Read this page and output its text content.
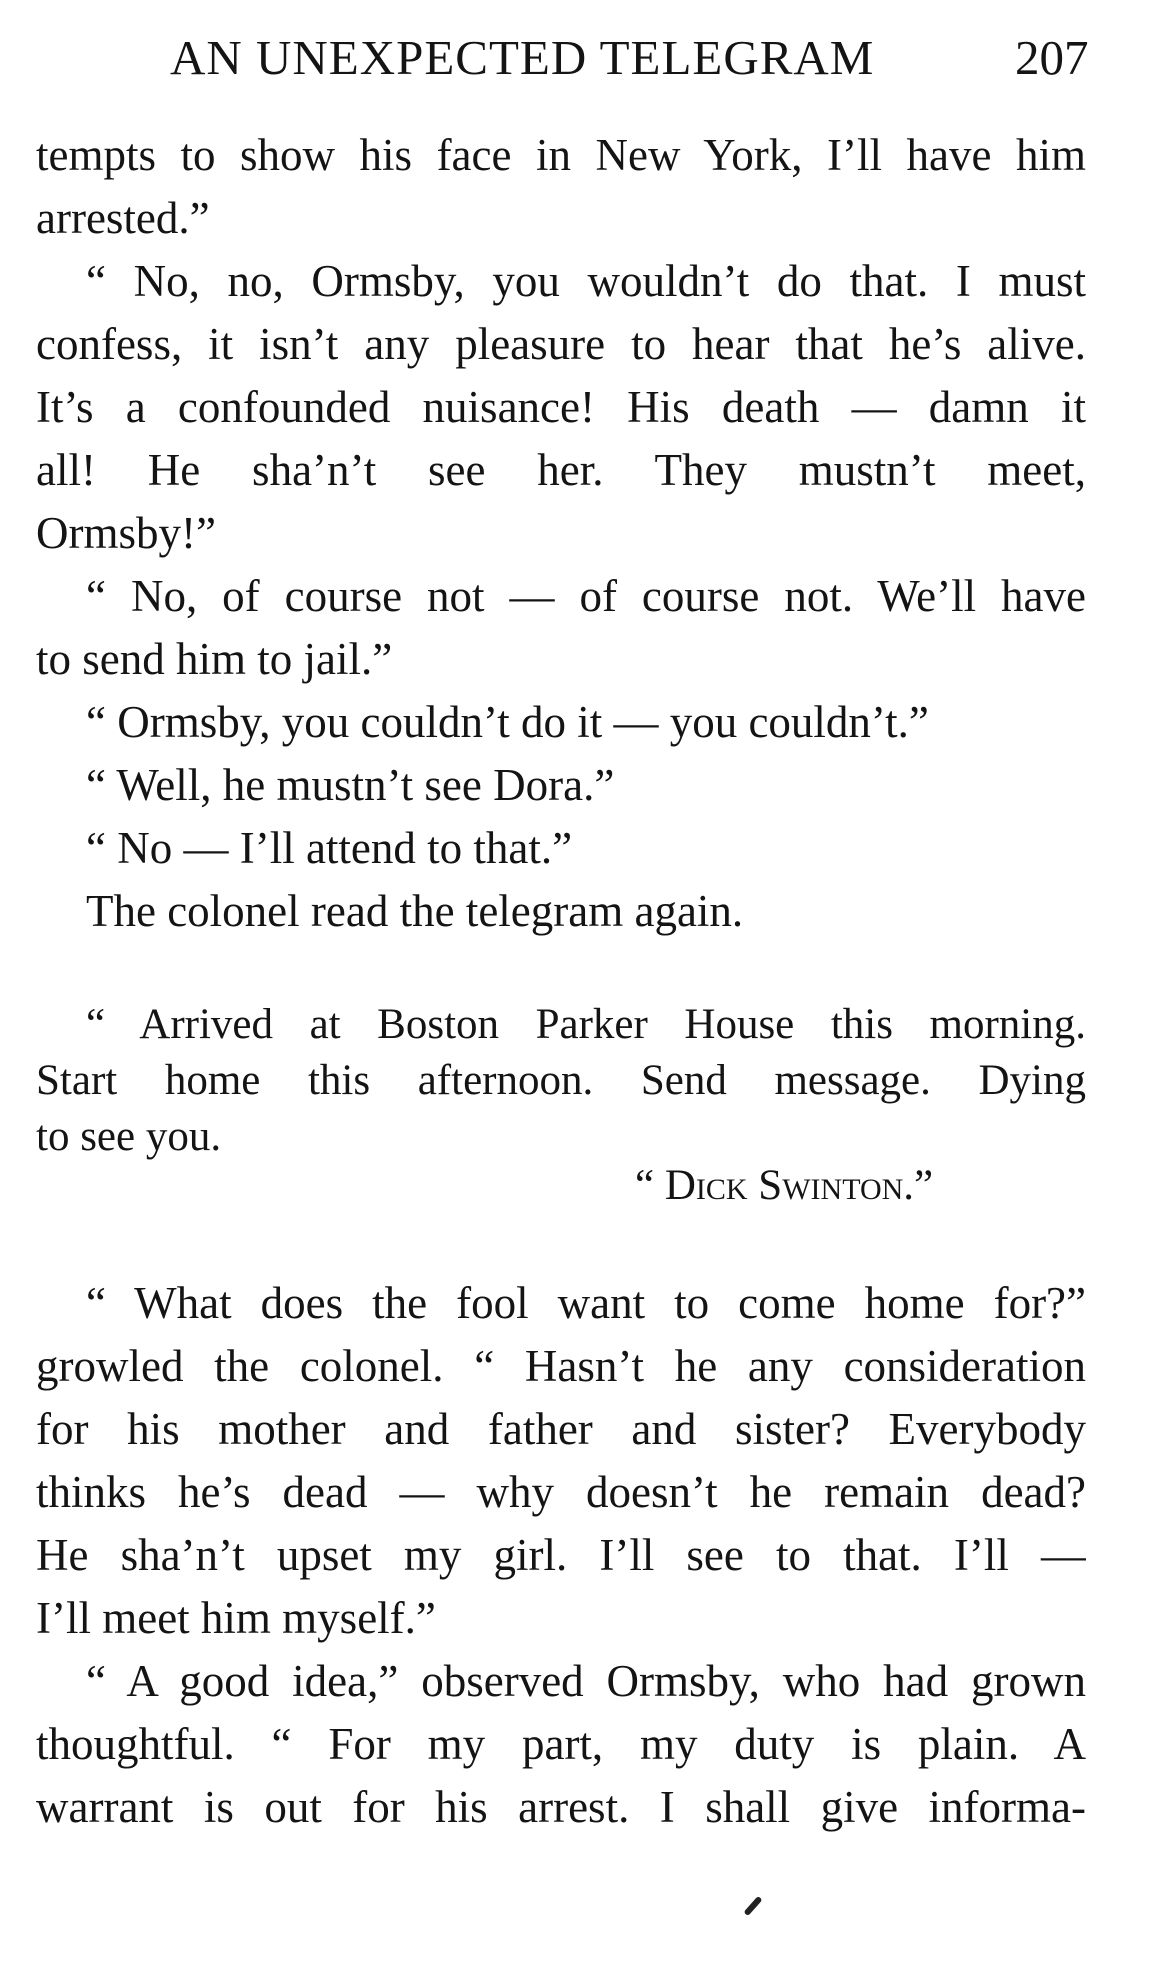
AN UNEXPECTED TELEGRAM	207
tempts to show his face in New York, I’ll have him
arrested.”
“ No, no, Ormsby, you wouldn’t do that. I must
confess, it isn’t any pleasure to hear that he’s alive.
It’s a confounded nuisance! His death — damn it
all! He sha’n’t see her. They mustn’t meet,
Ormsby!”
“ No, of course not — of course not. We’ll have
to send him to jail.”
“ Ormsby, you couldn’t do it — you couldn’t.”
“ Well, he mustn’t see Dora.”
“ No — I’ll attend to that.”
The colonel read the telegram again.
“ Arrived at Boston Parker House this morning.
Start home this afternoon. Send message. Dying
to see you.
“ Dick Swinton.”
“ What does the fool want to come home for?”
growled the colonel. “ Hasn’t he any consideration
for his mother and father and sister? Everybody
thinks he’s dead — why doesn’t he remain dead?
He sha’n’t upset my girl. I’ll see to that. I’ll —
I’ll meet him myself.”
“ A good idea,” observed Ormsby, who had grown
thoughtful. “ For my part, my duty is plain. A
warrant is out for his arrest. I shall give informa-
